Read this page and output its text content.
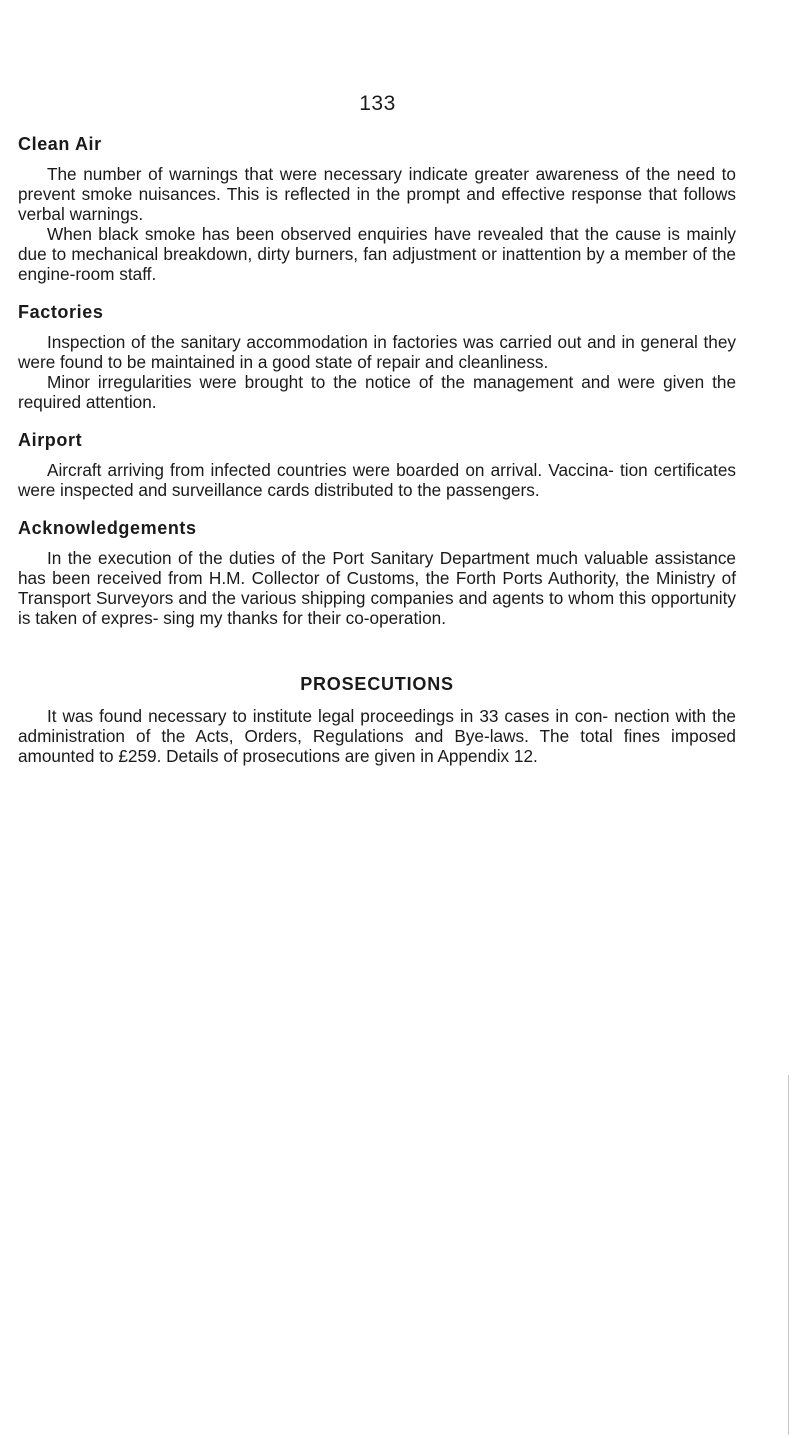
133
Clean Air

The number of warnings that were necessary indicate greater awareness of the need to prevent smoke nuisances. This is reflected in the prompt and effective response that follows verbal warnings.

When black smoke has been observed enquiries have revealed that the cause is mainly due to mechanical breakdown, dirty burners, fan adjustment or inattention by a member of the engine-room staff.

Factories

Inspection of the sanitary accommodation in factories was carried out and in general they were found to be maintained in a good state of repair and cleanliness.

Minor irregularities were brought to the notice of the management and were given the required attention.

Airport

Aircraft arriving from infected countries were boarded on arrival. Vaccina- tion certificates were inspected and surveillance cards distributed to the passengers.

Acknowledgements

In the execution of the duties of the Port Sanitary Department much valuable assistance has been received from H.M. Collector of Customs, the Forth Ports Authority, the Ministry of Transport Surveyors and the various shipping companies and agents to whom this opportunity is taken of expres- sing my thanks for their co-operation.

PROSECUTIONS

It was found necessary to institute legal proceedings in 33 cases in con- nection with the administration of the Acts, Orders, Regulations and Bye-laws. The total fines imposed amounted to £259. Details of prosecutions are given in Appendix 12.
